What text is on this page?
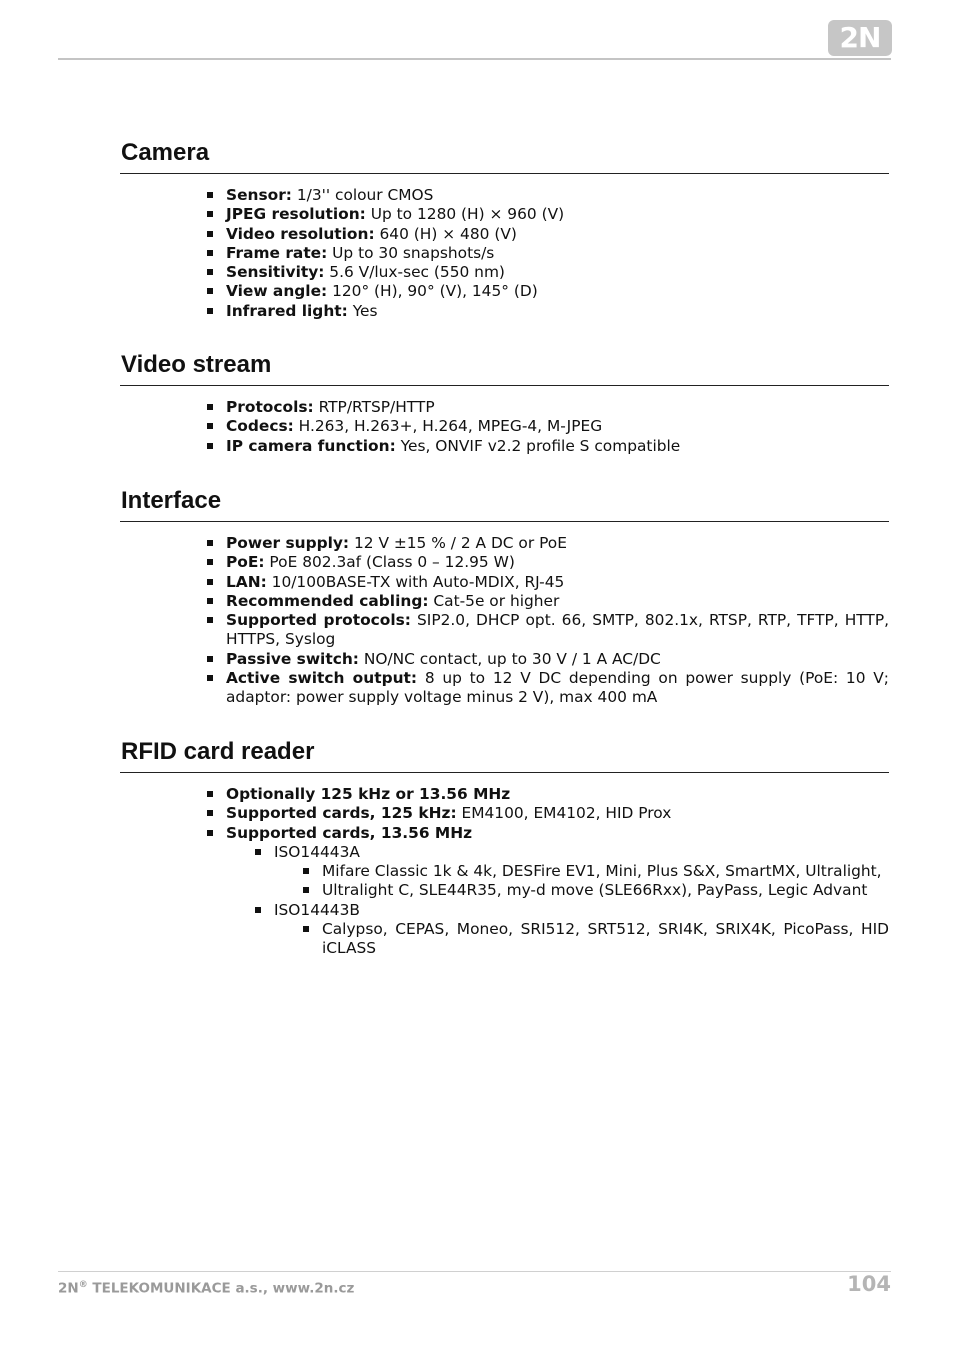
2N
Camera
Sensor: 1/3'' colour CMOS
JPEG resolution: Up to 1280 (H) × 960 (V)
Video resolution: 640 (H) × 480 (V)
Frame rate: Up to 30 snapshots/s
Sensitivity: 5.6 V/lux-sec (550 nm)
View angle: 120° (H), 90° (V), 145° (D)
Infrared light: Yes
Video stream
Protocols: RTP/RTSP/HTTP
Codecs: H.263, H.263+, H.264, MPEG-4, M-JPEG
IP camera function: Yes, ONVIF v2.2 profile S compatible
Interface
Power supply: 12 V ±15 % / 2 A DC or PoE
PoE: PoE 802.3af (Class 0 – 12.95 W)
LAN: 10/100BASE-TX with Auto-MDIX, RJ-45
Recommended cabling: Cat-5e or higher
Supported protocols: SIP2.0, DHCP opt. 66, SMTP, 802.1x, RTSP, RTP, TFTP, HTTP, HTTPS, Syslog
Passive switch: NO/NC contact, up to 30 V / 1 A AC/DC
Active switch output: 8 up to 12 V DC depending on power supply (PoE: 10 V; adaptor: power supply voltage minus 2 V), max 400 mA
RFID card reader
Optionally 125 kHz or 13.56 MHz
Supported cards, 125 kHz: EM4100, EM4102, HID Prox
Supported cards, 13.56 MHz
ISO14443A
Mifare Classic 1k & 4k, DESFire EV1, Mini, Plus S&X, SmartMX, Ultralight,
Ultralight C, SLE44R35, my-d move (SLE66Rxx), PayPass, Legic Advant
ISO14443B
Calypso, CEPAS, Moneo, SRI512, SRT512, SRI4K, SRIX4K, PicoPass, HID iCLASS
2N® TELEKOMUNIKACE a.s., www.2n.cz	104
